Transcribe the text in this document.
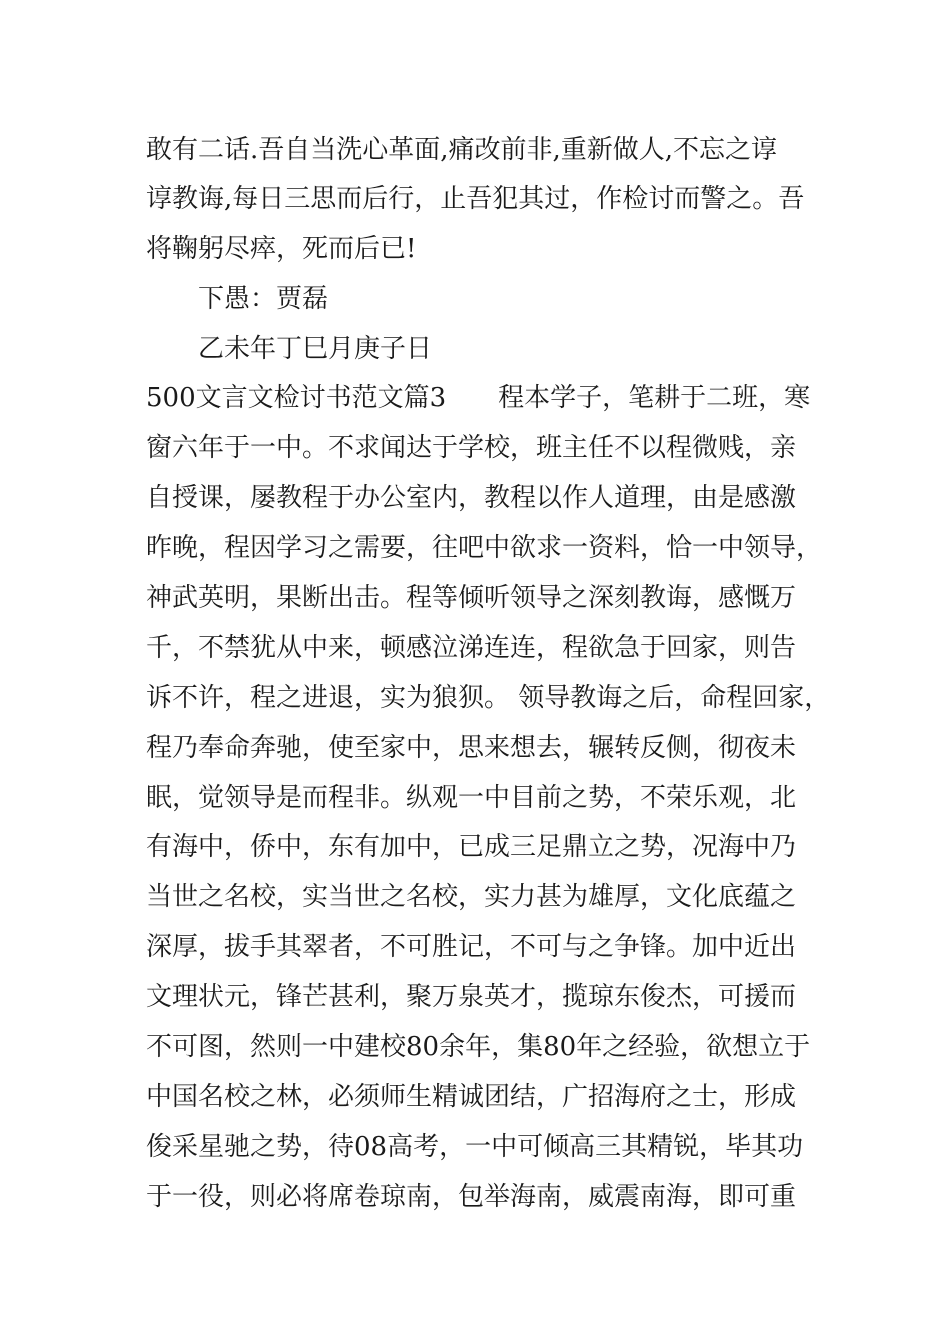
敢有二话.吾自当洗心革面,痛改前非,重新做人,不忘之谆

谆教诲,每日三思而后行，止吾犯其过，作检讨而警之。吾

将鞠躬尽瘁，死而后已!

下愚：贾磊

乙未年丁巳月庚子日

500文言文检讨书范文篇3　　程本学子，笔耕于二班，寒

窗六年于一中。不求闻达于学校，班主任不以程微贱，亲

自授课，屡教程于办公室内，教程以作人道理，由是感激

昨晚，程因学习之需要，往吧中欲求一资料，恰一中领导，

神武英明，果断出击。程等倾听领导之深刻教诲，感慨万

千，不禁犹从中来，顿感泣涕连连，程欲急于回家，则告

诉不许，程之进退，实为狼狈。 领导教诲之后，命程回家，

程乃奉命奔驰，使至家中，思来想去，辗转反侧，彻夜未

眠，觉领导是而程非。纵观一中目前之势，不荣乐观，北

有海中，侨中，东有加中，已成三足鼎立之势，况海中乃

当世之名校，实当世之名校，实力甚为雄厚，文化底蕴之

深厚，拔手其翠者，不可胜记，不可与之争锋。加中近出

文理状元，锋芒甚利，聚万泉英才，揽琼东俊杰，可援而

不可图，然则一中建校80余年，集80年之经验，欲想立于

中国名校之林，必须师生精诚团结，广招海府之士，形成

俊采星驰之势，待08高考，一中可倾高三其精锐，毕其功

于一役，则必将席卷琼南，包举海南，威震南海，即可重
